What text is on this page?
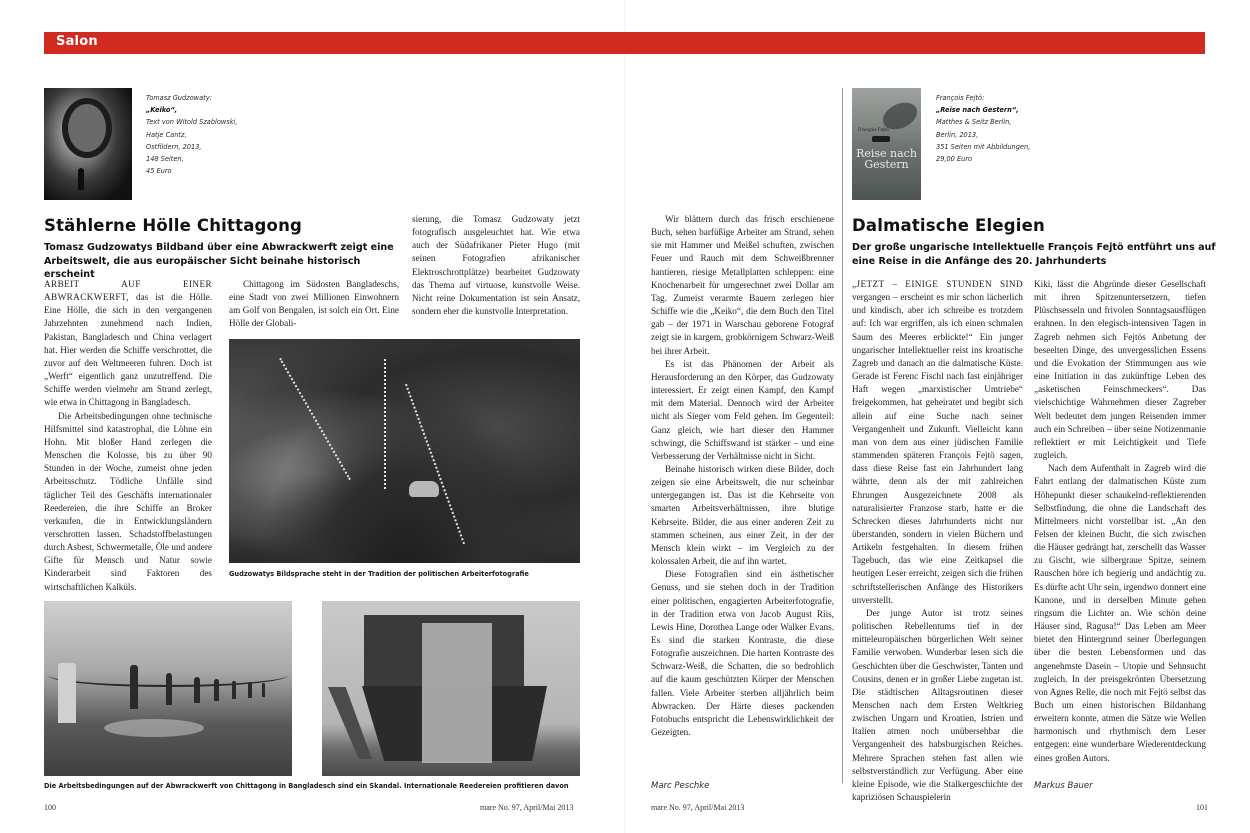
Salon
Tomasz Gudzowaty:
„Keiko“,
Text von Witold Szablowski,
Hatje Cantz,
Ostfildern, 2013,
148 Seiten,
45 Euro
Stählerne Hölle Chittagong
Tomasz Gudzowatys Bildband über eine Abwrackwerft zeigt eine Arbeitswelt, die aus europäischer Sicht beinahe historisch erscheint

ARBEIT AUF EINER ABWRACKWERFT, das ist die Hölle. Eine Hölle, die sich in den vergangenen Jahrzehnten zunehmend nach Indien, Pakistan, Bangladesch und China verlagert hat. Hier werden die Schiffe verschrottet, die zuvor auf den Weltmeeren fuhren. Doch ist „Werft“ eigentlich ganz unzutreffend. Die Schiffe werden vielmehr am Strand zerlegt, wie etwa in Chittagong in Bangladesch.

Die Arbeitsbedingungen ohne technische Hilfsmittel sind katastrophal, die Löhne ein Hohn. Mit bloßer Hand zerlegen die Menschen die Kolosse, bis zu über 90 Stunden in der Woche, zumeist ohne jeden Arbeitsschutz. Tödliche Unfälle sind täglicher Teil des Geschäfts internationaler Reedereien, die ihre Schiffe an Broker verkaufen, die in Entwicklungsländern verschrotten lassen. Schadstoffbelastungen durch Asbest, Schwermetalle, Öle und andere Gifte für Mensch und Natur sowie Kinderarbeit sind Faktoren des wirtschaftlichen Kalküls.

Chittagong im Südosten Bangladeschs, eine Stadt von zwei Millionen Einwohnern am Golf von Bengalen, ist solch ein Ort. Eine Hölle der Globali-

sierung, die Tomasz Gudzowaty jetzt fotografisch ausgeleuchtet hat. Wie etwa auch der Südafrikaner Pieter Hugo (mit seinen Fotografien afrikanischer Elektroschrottplätze) bearbeitet Gudzowaty das Thema auf virtuose, kunstvolle Weise. Nicht reine Dokumentation ist sein Ansatz, sondern eher die kunstvolle Interpretation.

Gudzowatys Bildsprache steht in der Tradition der politischen Arbeiterfotografie
Die Arbeitsbedingungen auf der Abwrackwerft von Chittagong in Bangladesch sind ein Skandal. Internationale Reedereien profitieren davon
100	mare No. 97, April/Mai 2013

Wir blättern durch das frisch erschienene Buch, sehen barfüßige Arbeiter am Strand, sehen sie mit Hammer und Meißel schuften, zwischen Feuer und Rauch mit dem Schweißbrenner hantieren, riesige Metallplatten schleppen: eine Knochenarbeit für umgerechnet zwei Dollar am Tag. Zumeist verarmte Bauern zerlegen hier Schiffe wie die „Keiko“, die dem Buch den Titel gab – der 1971 in Warschau geborene Fotograf zeigt sie in kargem, grobkörnigem Schwarz-Weiß bei ihrer Arbeit.

Es ist das Phänomen der Arbeit als Herausforderung an den Körper, das Gudzowaty interessiert. Er zeigt einen Kampf, den Kampf mit dem Material. Dennoch wird der Arbeiter nicht als Sieger vom Feld gehen. Im Gegenteil: Ganz gleich, wie hart dieser den Hammer schwingt, die Schiffswand ist stärker – und eine Verbesserung der Verhältnisse nicht in Sicht.

Beinahe historisch wirken diese Bilder, doch zeigen sie eine Arbeitswelt, die nur scheinbar untergegangen ist. Das ist die Kehrseite von smarten Arbeitsverhältnissen, ihre blutige Kehrseite. Bilder, die aus einer anderen Zeit zu stammen scheinen, aus einer Zeit, in der der Mensch klein wirkt – im Vergleich zu der kolossalen Arbeit, die auf ihn wartet.

Diese Fotografien sind ein ästhetischer Genuss, und sie stehen doch in der Tradition einer politischen, engagierten Arbeiterfotografie, in der Tradition etwa von Jacob August Riis, Lewis Hine, Dorothea Lange oder Walker Evans. Es sind die starken Kontraste, die diese Fotografie auszeichnen. Die harten Kontraste des Schwarz-Weiß, die Schatten, die so bedrohlich auf die kaum geschützten Körper der Menschen fallen. Viele Arbeiter sterben alljährlich beim Abwracken. Der Härte dieses packenden Fotobuchs entspricht die Lebenswirklichkeit der Gezeigten.

Marc Peschke
mare No. 97, April/Mai 2013
François Fejtö
Reise nach Gestern
François Fejtö:
„Reise nach Gestern“,
Matthes & Seitz Berlin,
Berlin, 2013,
351 Seiten mit Abbildungen,
29,00 Euro
Dalmatische Elegien
Der große ungarische Intellektuelle François Fejtö entführt uns auf eine Reise in die Anfänge des 20. Jahrhunderts

„JETZT – EINIGE STUNDEN SIND vergangen – erscheint es mir schon lächerlich und kindisch, aber ich schreibe es trotzdem auf: Ich war ergriffen, als ich einen schmalen Saum des Meeres erblickte!“ Ein junger ungarischer Intellektueller reist ins kroatische Zagreb und danach an die dalmatische Küste. Gerade ist Ferenc Fischl nach fast einjähriger Haft wegen „marxistischer Umtriebe“ freigekommen, hat geheiratet und begibt sich allein auf eine Suche nach seiner Vergangenheit und Zukunft. Vielleicht kann man von dem aus einer jüdischen Familie stammenden späteren François Fejtö sagen, dass diese Reise fast ein Jahrhundert lang währte, denn als der mit zahlreichen Ehrungen Ausgezeichnete 2008 als naturalisierter Franzose starb, hatte er die Schrecken dieses Jahrhunderts nicht nur überstanden, sondern in vielen Büchern und Artikeln festgehalten. In diesem frühen Tagebuch, das wie eine Zeitkapsel die heutigen Leser erreicht, zeigen sich die frühen schriftstellerischen Anfänge des Historikers unverstellt.

Der junge Autor ist trotz seines politischen Rebellentums tief in der mitteleuropäischen bürgerlichen Welt seiner Familie verwoben. Wunderbar lesen sich die Geschichten über die Geschwister, Tanten und Cousins, denen er in großer Liebe zugetan ist. Die städtischen Alltagsroutinen dieser Menschen nach dem Ersten Weltkrieg zwischen Ungarn und Kroatien, Istrien und Italien atmen noch unübersehbar die Vergangenheit des habsburgischen Reiches. Mehrere Sprachen stehen fast allen wie selbstverständlich zur Verfügung. Aber eine kleine Episode, wie die Stalkergeschichte der kapriziösen Schauspielerin

Kiki, lässt die Abgründe dieser Gesellschaft mit ihren Spitzenuntersetzern, tiefen Plüschsesseln und frivolen Sonntagsausflügen erahnen. In den elegisch-intensiven Tagen in Zagreb nehmen sich Fejtös Anbetung der beseelten Dinge, des unvergesslichen Essens und die Evokation der Stimmungen aus wie eine Initiation in das zukünftige Leben des „asketischen Feinschmeckers“. Das vielschichtige Wahrnehmen dieser Zagreber Welt bedeutet dem jungen Reisenden immer auch ein Schreiben – über seine Notizenmanie reflektiert er mit Leichtigkeit und Tiefe zugleich.

Nach dem Aufenthalt in Zagreb wird die Fahrt entlang der dalmatischen Küste zum Höhepunkt dieser schaukelnd-reflektierenden Selbstfindung, die ohne die Landschaft des Mittelmeers nicht vorstellbar ist. „An den Felsen der kleinen Bucht, die sich zwischen die Häuser gedrängt hat, zerschellt das Wasser zu Gischt, wie silbergraue Spitze, seinem Rauschen höre ich begierig und andächtig zu. Es dürfte acht Uhr sein, irgendwo donnert eine Kanone, und in derselben Minute gehen ringsum die Lichter an. Wie schön deine Häuser sind, Ragusa!“ Das Leben am Meer bietet den Hintergrund seiner Überlegungen über die besten Lebensformen und das angenehmste Dasein – Utopie und Sehnsucht zugleich. In der preisgekrönten Übersetzung von Agnes Relle, die noch mit Fejtö selbst das Buch um einen historischen Bildanhang erweitern konnte, atmen die Sätze wie Wellen harmonisch und rhythmisch dem Leser entgegen: eine wunderbare Wiederentdeckung eines großen Autors.

Markus Bauer
101
